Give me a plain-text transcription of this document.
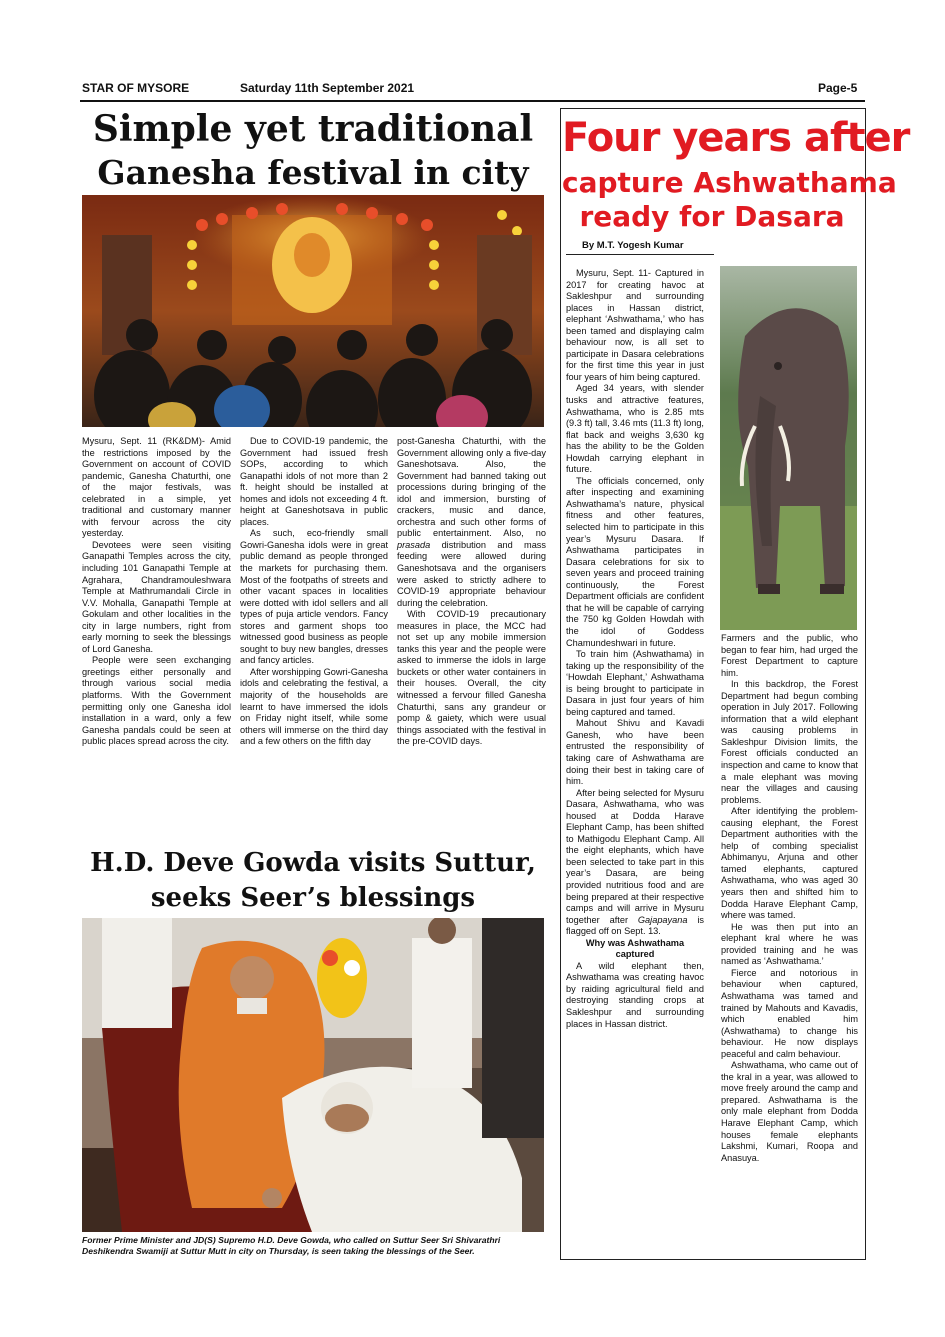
STAR OF MYSORE	Saturday 11th September 2021	Page-5
Simple yet traditional
Ganesha festival in city

Mysuru, Sept. 11 (RK&DM)- Amid the restrictions imposed by the Government on account of COVID pandemic, Ganesha Chaturthi, one of the major festivals, was celebrated in a simple, yet traditional and customary manner with fervour across the city yesterday.

Devotees were seen visiting Ganapathi Temples across the city, including 101 Ganapathi Temple at Agrahara, Chandramouleshwara Temple at Mathrumandali Circle in V.V. Mohalla, Ganapathi Temple at Gokulam and other localities in the city in large numbers, right from early morning to seek the blessings of Lord Ganesha.

People were seen exchanging greetings either personally and through various social media platforms. With the Government permitting only one Ganesha idol installation in a ward, only a few Ganesha pandals could be seen at public places spread across the city.

Due to COVID-19 pandemic, the Government had issued fresh SOPs, according to which Ganapathi idols of not more than 2 ft. height should be installed at homes and idols not exceeding 4 ft. height at Ganeshotsava in public places.

As such, eco-friendly small Gowri-Ganesha idols were in great public demand as people thronged the markets for purchasing them. Most of the footpaths of streets and other vacant spaces in localities were dotted with idol sellers and all types of puja article vendors. Fancy stores and garment shops too witnessed good business as people sought to buy new bangles, dresses and fancy articles.

After worshipping Gowri-Ganesha idols and celebrating the festival, a majority of the households are learnt to have immersed the idols on Friday night itself, while some others will immerse on the third day and a few others on the fifth day

post-Ganesha Chaturthi, with the Government allowing only a five-day Ganeshotsava. Also, the Government had banned taking out processions during bringing of the idol and immersion, bursting of crackers, music and dance, orchestra and such other forms of public entertainment. Also, no prasada distribution and mass feeding were allowed during Ganeshotsava and the organisers were asked to strictly adhere to COVID-19 appropriate behaviour during the celebration.

With COVID-19 precautionary measures in place, the MCC had not set up any mobile immersion tanks this year and the people were asked to immerse the idols in large buckets or other water containers in their houses. Overall, the city witnessed a fervour filled Ganesha Chaturthi, sans any grandeur or pomp & gaiety, which were usual things associated with the festival in the pre-COVID days.

H.D. Deve Gowda visits Suttur,
seeks Seer’s blessings
Former Prime Minister and JD(S) Supremo H.D. Deve Gowda, who called on Suttur Seer Sri Shivarathri Deshikendra Swamiji at Suttur Mutt in city on Thursday, is seen taking the blessings of the Seer.
Four years after
capture Ashwathama
ready for Dasara
By M.T. Yogesh Kumar

Mysuru, Sept. 11- Captured in 2017 for creating havoc at Sakleshpur and surrounding places in Hassan district, elephant ‘Ashwathama,’ who has been tamed and displaying calm behaviour now, is all set to participate in Dasara celebrations for the first time this year in just four years of him being captured.

Aged 34 years, with slender tusks and attractive features, Ashwathama, who is 2.85 mts (9.3 ft) tall, 3.46 mts (11.3 ft) long, flat back and weighs 3,630 kg has the ability to be the Golden Howdah carrying elephant in future.

The officials concerned, only after inspecting and examining Ashwathama’s nature, physical fitness and other features, selected him to participate in this year’s Mysuru Dasara. If Ashwathama participates in Dasara celebrations for six to seven years and proceed training continuously, the Forest Department officials are confident that he will be capable of carrying the 750 kg Golden Howdah with the idol of Goddess Chamundeshwari in future.

To train him (Ashwathama) in taking up the responsibility of the ‘Howdah Elephant,’ Ashwathama is being brought to participate in Dasara in just four years of him being captured and tamed.

Mahout Shivu and Kavadi Ganesh, who have been entrusted the responsibility of taking care of Ashwathama are doing their best in taking care of him.

After being selected for Mysuru Dasara, Ashwathama, who was housed at Dodda Harave Elephant Camp, has been shifted to Mathigodu Elephant Camp. All the eight elephants, which have been selected to take part in this year’s Dasara, are being provided nutritious food and are being prepared at their respective camps and will arrive in Mysuru together after Gajapayana is flagged off on Sept. 13.

Why was Ashwathama captured

A wild elephant then, Ashwathama was creating havoc by raiding agricultural field and destroying standing crops at Sakleshpur and surrounding places in Hassan district.

Farmers and the public, who began to fear him, had urged the Forest Department to capture him.

In this backdrop, the Forest Department had begun combing operation in July 2017. Following information that a wild elephant was causing problems in Sakleshpur Division limits, the Forest officials conducted an inspection and came to know that a male elephant was moving near the villages and causing problems.

After identifying the problem-causing elephant, the Forest Department authorities with the help of combing specialist Abhimanyu, Arjuna and other tamed elephants, captured Ashwathama, who was aged 30 years then and shifted him to Dodda Harave Elephant Camp, where was tamed.

He was then put into an elephant kral where he was provided training and he was named as ‘Ashwathama.’

Fierce and notorious in behaviour when captured, Ashwathama was tamed and trained by Mahouts and Kavadis, which enabled him (Ashwathama) to change his behaviour. He now displays peaceful and calm behaviour.

Ashwathama, who came out of the kral in a year, was allowed to move freely around the camp and prepared. Ashwathama is the only male elephant from Dodda Harave Elephant Camp, which houses female elephants Lakshmi, Kumari, Roopa and Anasuya.
